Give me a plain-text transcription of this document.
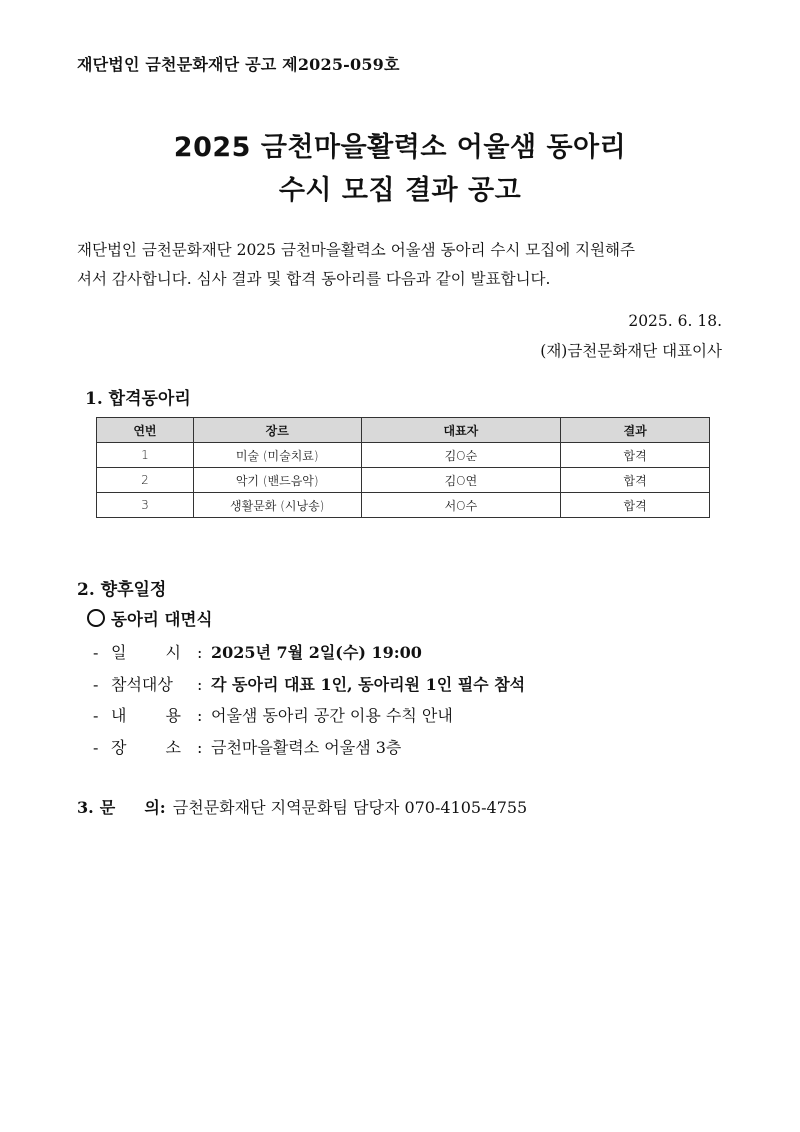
재단법인 금천문화재단 공고 제2025-059호
2025 금천마을활력소 어울샘 동아리
수시 모집 결과 공고
재단법인 금천문화재단 2025 금천마을활력소 어울샘 동아리 수시 모집에 지원해주
셔서 감사합니다. 심사 결과 및 합격 동아리를 다음과 같이 발표합니다.
2025. 6. 18.
(재)금천문화재단 대표이사
1. 합격동아리
연번	장르	대표자	결과
1	미술 (미술치료)	김O순	합격
2	악기 (밴드음악)	김O연	합격
3	생활문화 (시낭송)	서O수	합격
2. 향후일정
동아리 대면식
- 일 시 : 2025년 7월 2일(수) 19:00
- 참석대상 : 각 동아리 대표 1인, 동아리원 1인 필수 참석
- 내 용 : 어울샘 동아리 공간 이용 수칙 안내
- 장 소 : 금천마을활력소 어울샘 3층
3. 문 의: 금천문화재단 지역문화팀 담당자 070-4105-4755
